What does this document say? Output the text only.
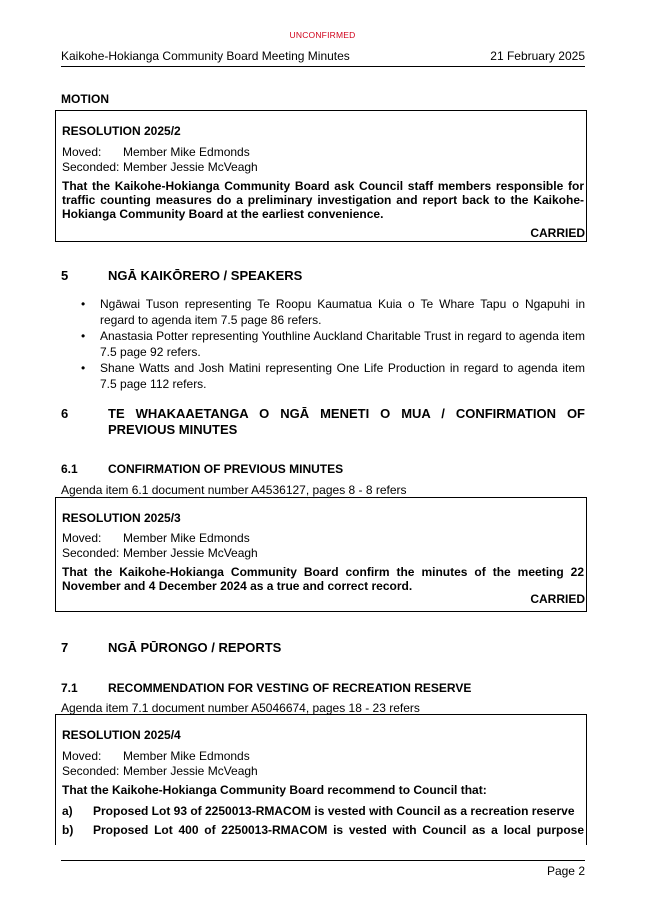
UNCONFIRMED
Kaikohe-Hokianga Community Board Meeting Minutes	21 February 2025
MOTION
RESOLUTION 2025/2
Moved:	Member Mike Edmonds
Seconded: Member Jessie McVeagh
That the Kaikohe-Hokianga Community Board ask Council staff members responsible for traffic counting measures do a preliminary investigation and report back to the Kaikohe-Hokianga Community Board at the earliest convenience.
CARRIED
5	NGĀ KAIKŌRERO / SPEAKERS
• Ngāwai Tuson representing Te Roopu Kaumatua Kuia o Te Whare Tapu o Ngapuhi in regard to agenda item 7.5 page 86 refers.
• Anastasia Potter representing Youthline Auckland Charitable Trust in regard to agenda item 7.5 page 92 refers.
• Shane Watts and Josh Matini representing One Life Production in regard to agenda item 7.5 page 112 refers.
6	TE WHAKAAETANGA O NGĀ MENETI O MUA / CONFIRMATION OF PREVIOUS MINUTES
6.1	CONFIRMATION OF PREVIOUS MINUTES
Agenda item 6.1 document number A4536127, pages 8 - 8 refers
RESOLUTION 2025/3
Moved:	Member Mike Edmonds
Seconded: Member Jessie McVeagh
That the Kaikohe-Hokianga Community Board confirm the minutes of the meeting 22 November and 4 December 2024 as a true and correct record.
CARRIED
7	NGĀ PŪRONGO / REPORTS
7.1	RECOMMENDATION FOR VESTING OF RECREATION RESERVE
Agenda item 7.1 document number A5046674, pages 18 - 23 refers
RESOLUTION 2025/4
Moved:	Member Mike Edmonds
Seconded: Member Jessie McVeagh
That the Kaikohe-Hokianga Community Board recommend to Council that:
a)	Proposed Lot 93 of 2250013-RMACOM is vested with Council as a recreation reserve
b)	Proposed Lot 400 of 2250013-RMACOM is vested with Council as a local purpose
Page 2
